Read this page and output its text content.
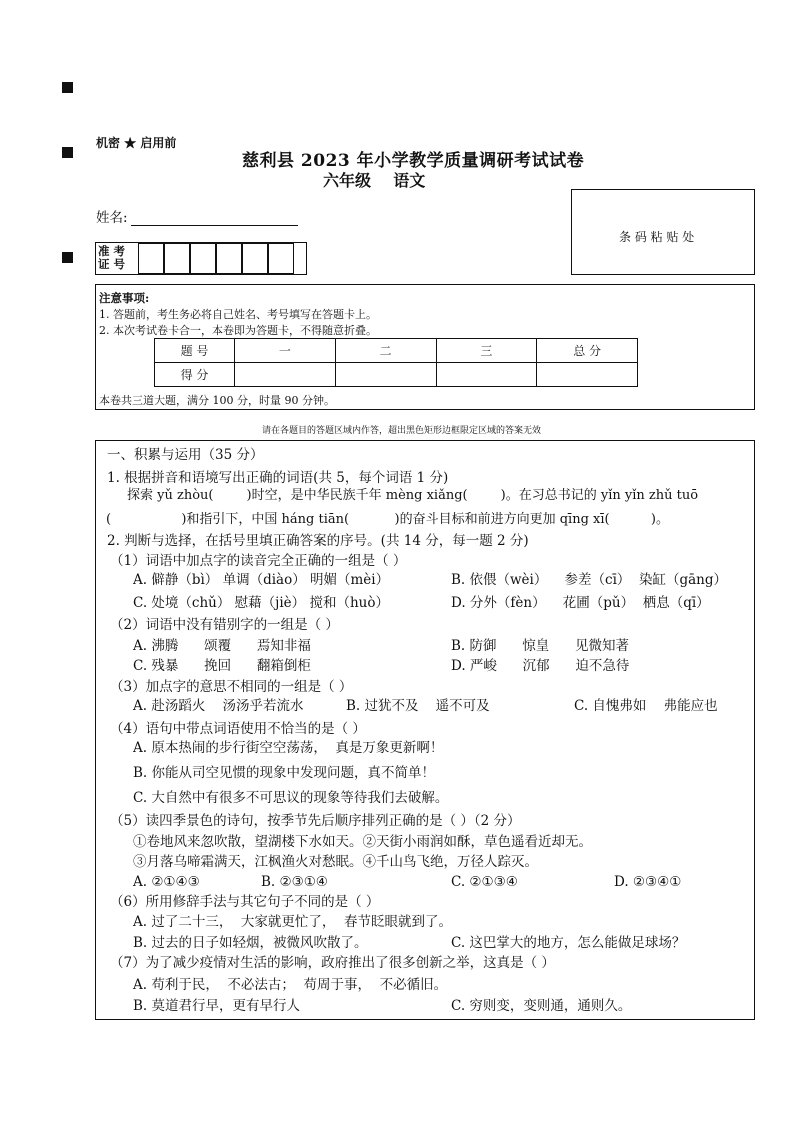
机密 ★ 启用前
慈利县 2023 年小学教学质量调研考试试卷
六年级    语文
姓名:
准 考
证 号
条 码 粘 贴 处
注意事项:
1. 答题前，考生务必将自己姓名、考号填写在答题卡上。
2. 本次考试卷卡合一，本卷即为答题卡，不得随意折叠。
题 号	一	二	三	总 分
得 分				
本卷共三道大题，满分 100 分，时量 90 分钟。
请在各题目的答题区域内作答，超出黑色矩形边框限定区域的答案无效
一、积累与运用（35 分）
1. 根据拼音和语境写出正确的词语(共 5，每个词语 1 分)
探索 yǔ zhòu(        )时空，是中华民族千年 mèng xiǎng(        )。在习总书记的 yǐn yǐn zhǔ tuō
(                 )和指引下，中国 háng tiān(           )的奋斗目标和前进方向更加 qīng xī(          )。
2. 判断与选择，在括号里填正确答案的序号。(共 14 分，每一题 2 分)
（1）词语中加点字的读音完全正确的一组是（ ）
A. 僻静（bì） 单调（diào） 明媚（mèi）	B. 依偎（wèi）    参差（cī）  染缸（gāng）
C. 处境（chǔ） 慰藉（jiè） 搅和（huò）	D. 分外（fèn）    花圃（pǔ）  栖息（qī）
（2）词语中没有错别字的一组是（ ）
A. 沸腾      颂覆      焉知非福	B. 防御      惊皇      见微知著
C. 残暴      挽回      翻箱倒柜	D. 严峻      沉郁      迫不急待
（3）加点字的意思不相同的一组是（ ）
A. 赴汤蹈火    汤汤乎若流水	B. 过犹不及    遥不可及	C. 自愧弗如    弗能应也
（4）语句中带点词语使用不恰当的是（ ）
A. 原本热闹的步行街空空荡荡，  真是万象更新啊！
B. 你能从司空见惯的现象中发现问题，真不简单！
C. 大自然中有很多不可思议的现象等待我们去破解。
（5）读四季景色的诗句，按季节先后顺序排列正确的是（ ）（2 分）
①卷地风来忽吹散，望湖楼下水如天。②天街小雨润如酥，草色遥看近却无。
③月落乌啼霜满天，江枫渔火对愁眠。④千山鸟飞绝，万径人踪灭。
A. ②①④③	B. ②③①④	C. ②①③④	D. ②③④①
（6）所用修辞手法与其它句子不同的是（ ）
A. 过了二十三，  大家就更忙了，  春节眨眼就到了。
B. 过去的日子如轻烟，被微风吹散了。	C. 这巴掌大的地方，怎么能做足球场？
（7）为了减少疫情对生活的影响，政府推出了很多创新之举，这真是（ ）
A. 苟利于民，  不必法古；  苟周于事，  不必循旧。
B. 莫道君行早，更有早行人	C. 穷则变，变则通，通则久。
